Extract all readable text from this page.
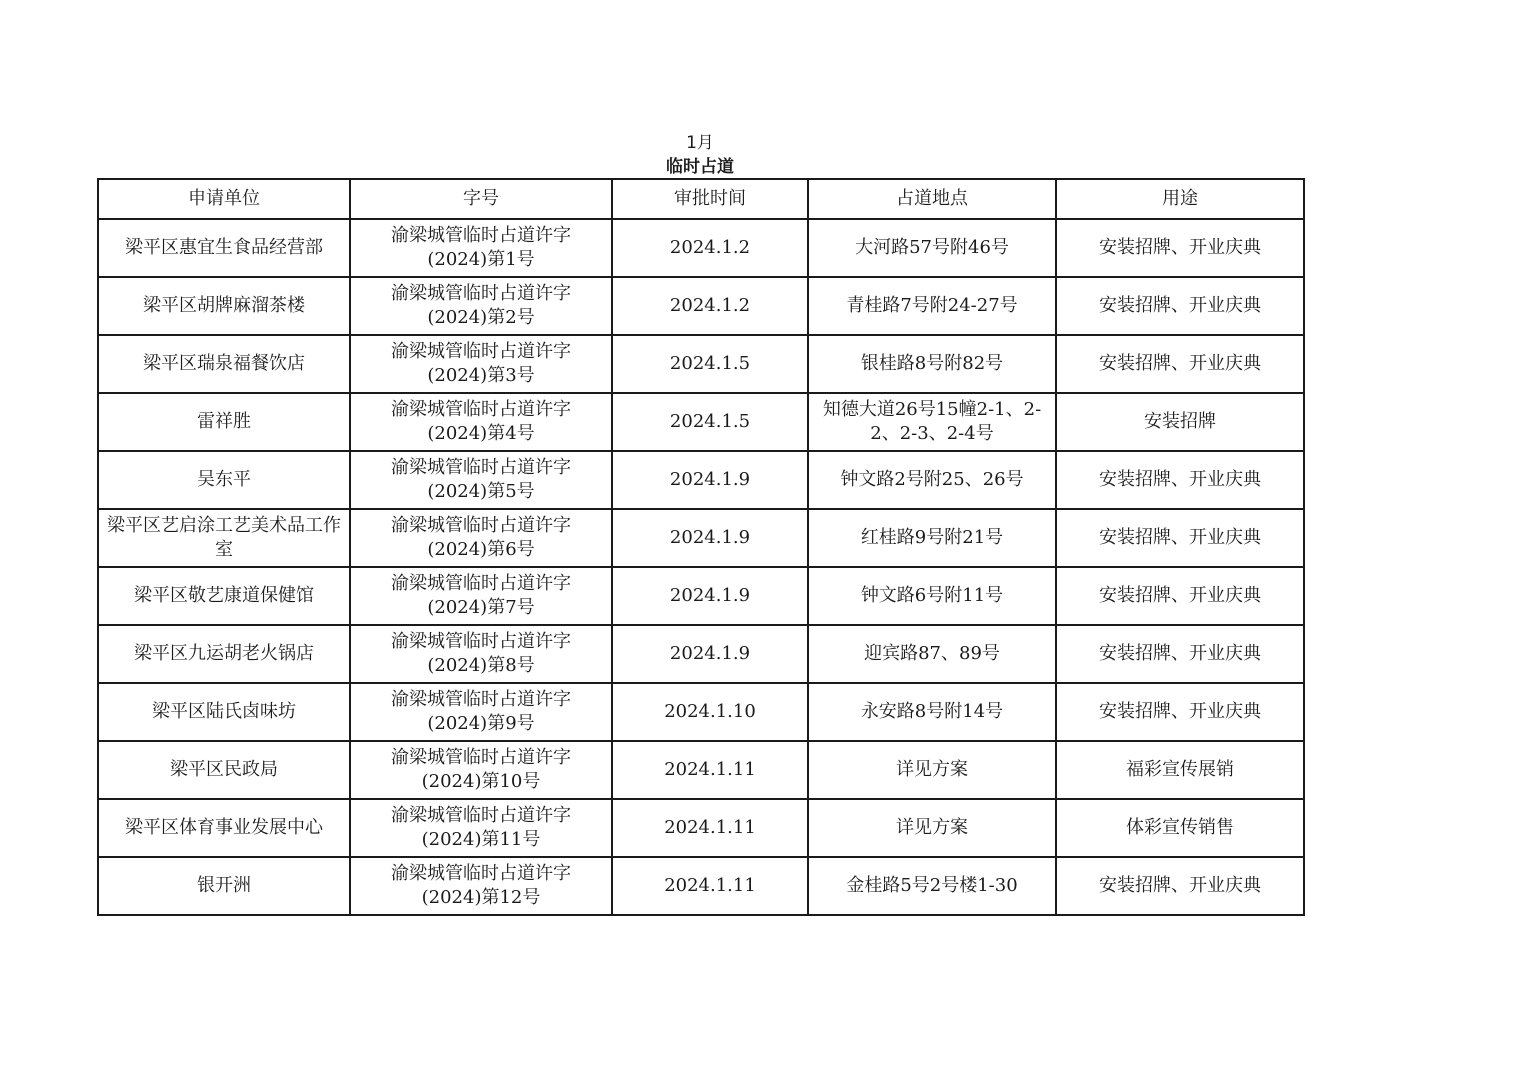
1月
临时占道
申请单位	字号	审批时间	占道地点	用途
梁平区惠宜生食品经营部	渝梁城管临时占道许字
(2024)第1号	2024.1.2	大河路57号附46号	安装招牌、开业庆典
梁平区胡牌麻溜茶楼	渝梁城管临时占道许字
(2024)第2号	2024.1.2	青桂路7号附24-27号	安装招牌、开业庆典
梁平区瑞泉福餐饮店	渝梁城管临时占道许字
(2024)第3号	2024.1.5	银桂路8号附82号	安装招牌、开业庆典
雷祥胜	渝梁城管临时占道许字
(2024)第4号	2024.1.5	知德大道26号15幢2-1、2-2、2-3、2-4号	安装招牌
吴东平	渝梁城管临时占道许字
(2024)第5号	2024.1.9	钟文路2号附25、26号	安装招牌、开业庆典
梁平区艺启涂工艺美术品工作室	渝梁城管临时占道许字
(2024)第6号	2024.1.9	红桂路9号附21号	安装招牌、开业庆典
梁平区敬艺康道保健馆	渝梁城管临时占道许字
(2024)第7号	2024.1.9	钟文路6号附11号	安装招牌、开业庆典
梁平区九运胡老火锅店	渝梁城管临时占道许字
(2024)第8号	2024.1.9	迎宾路87、89号	安装招牌、开业庆典
梁平区陆氏卤味坊	渝梁城管临时占道许字
(2024)第9号	2024.1.10	永安路8号附14号	安装招牌、开业庆典
梁平区民政局	渝梁城管临时占道许字
(2024)第10号	2024.1.11	详见方案	福彩宣传展销
梁平区体育事业发展中心	渝梁城管临时占道许字
(2024)第11号	2024.1.11	详见方案	体彩宣传销售
银开洲	渝梁城管临时占道许字
(2024)第12号	2024.1.11	金桂路5号2号楼1-30	安装招牌、开业庆典
